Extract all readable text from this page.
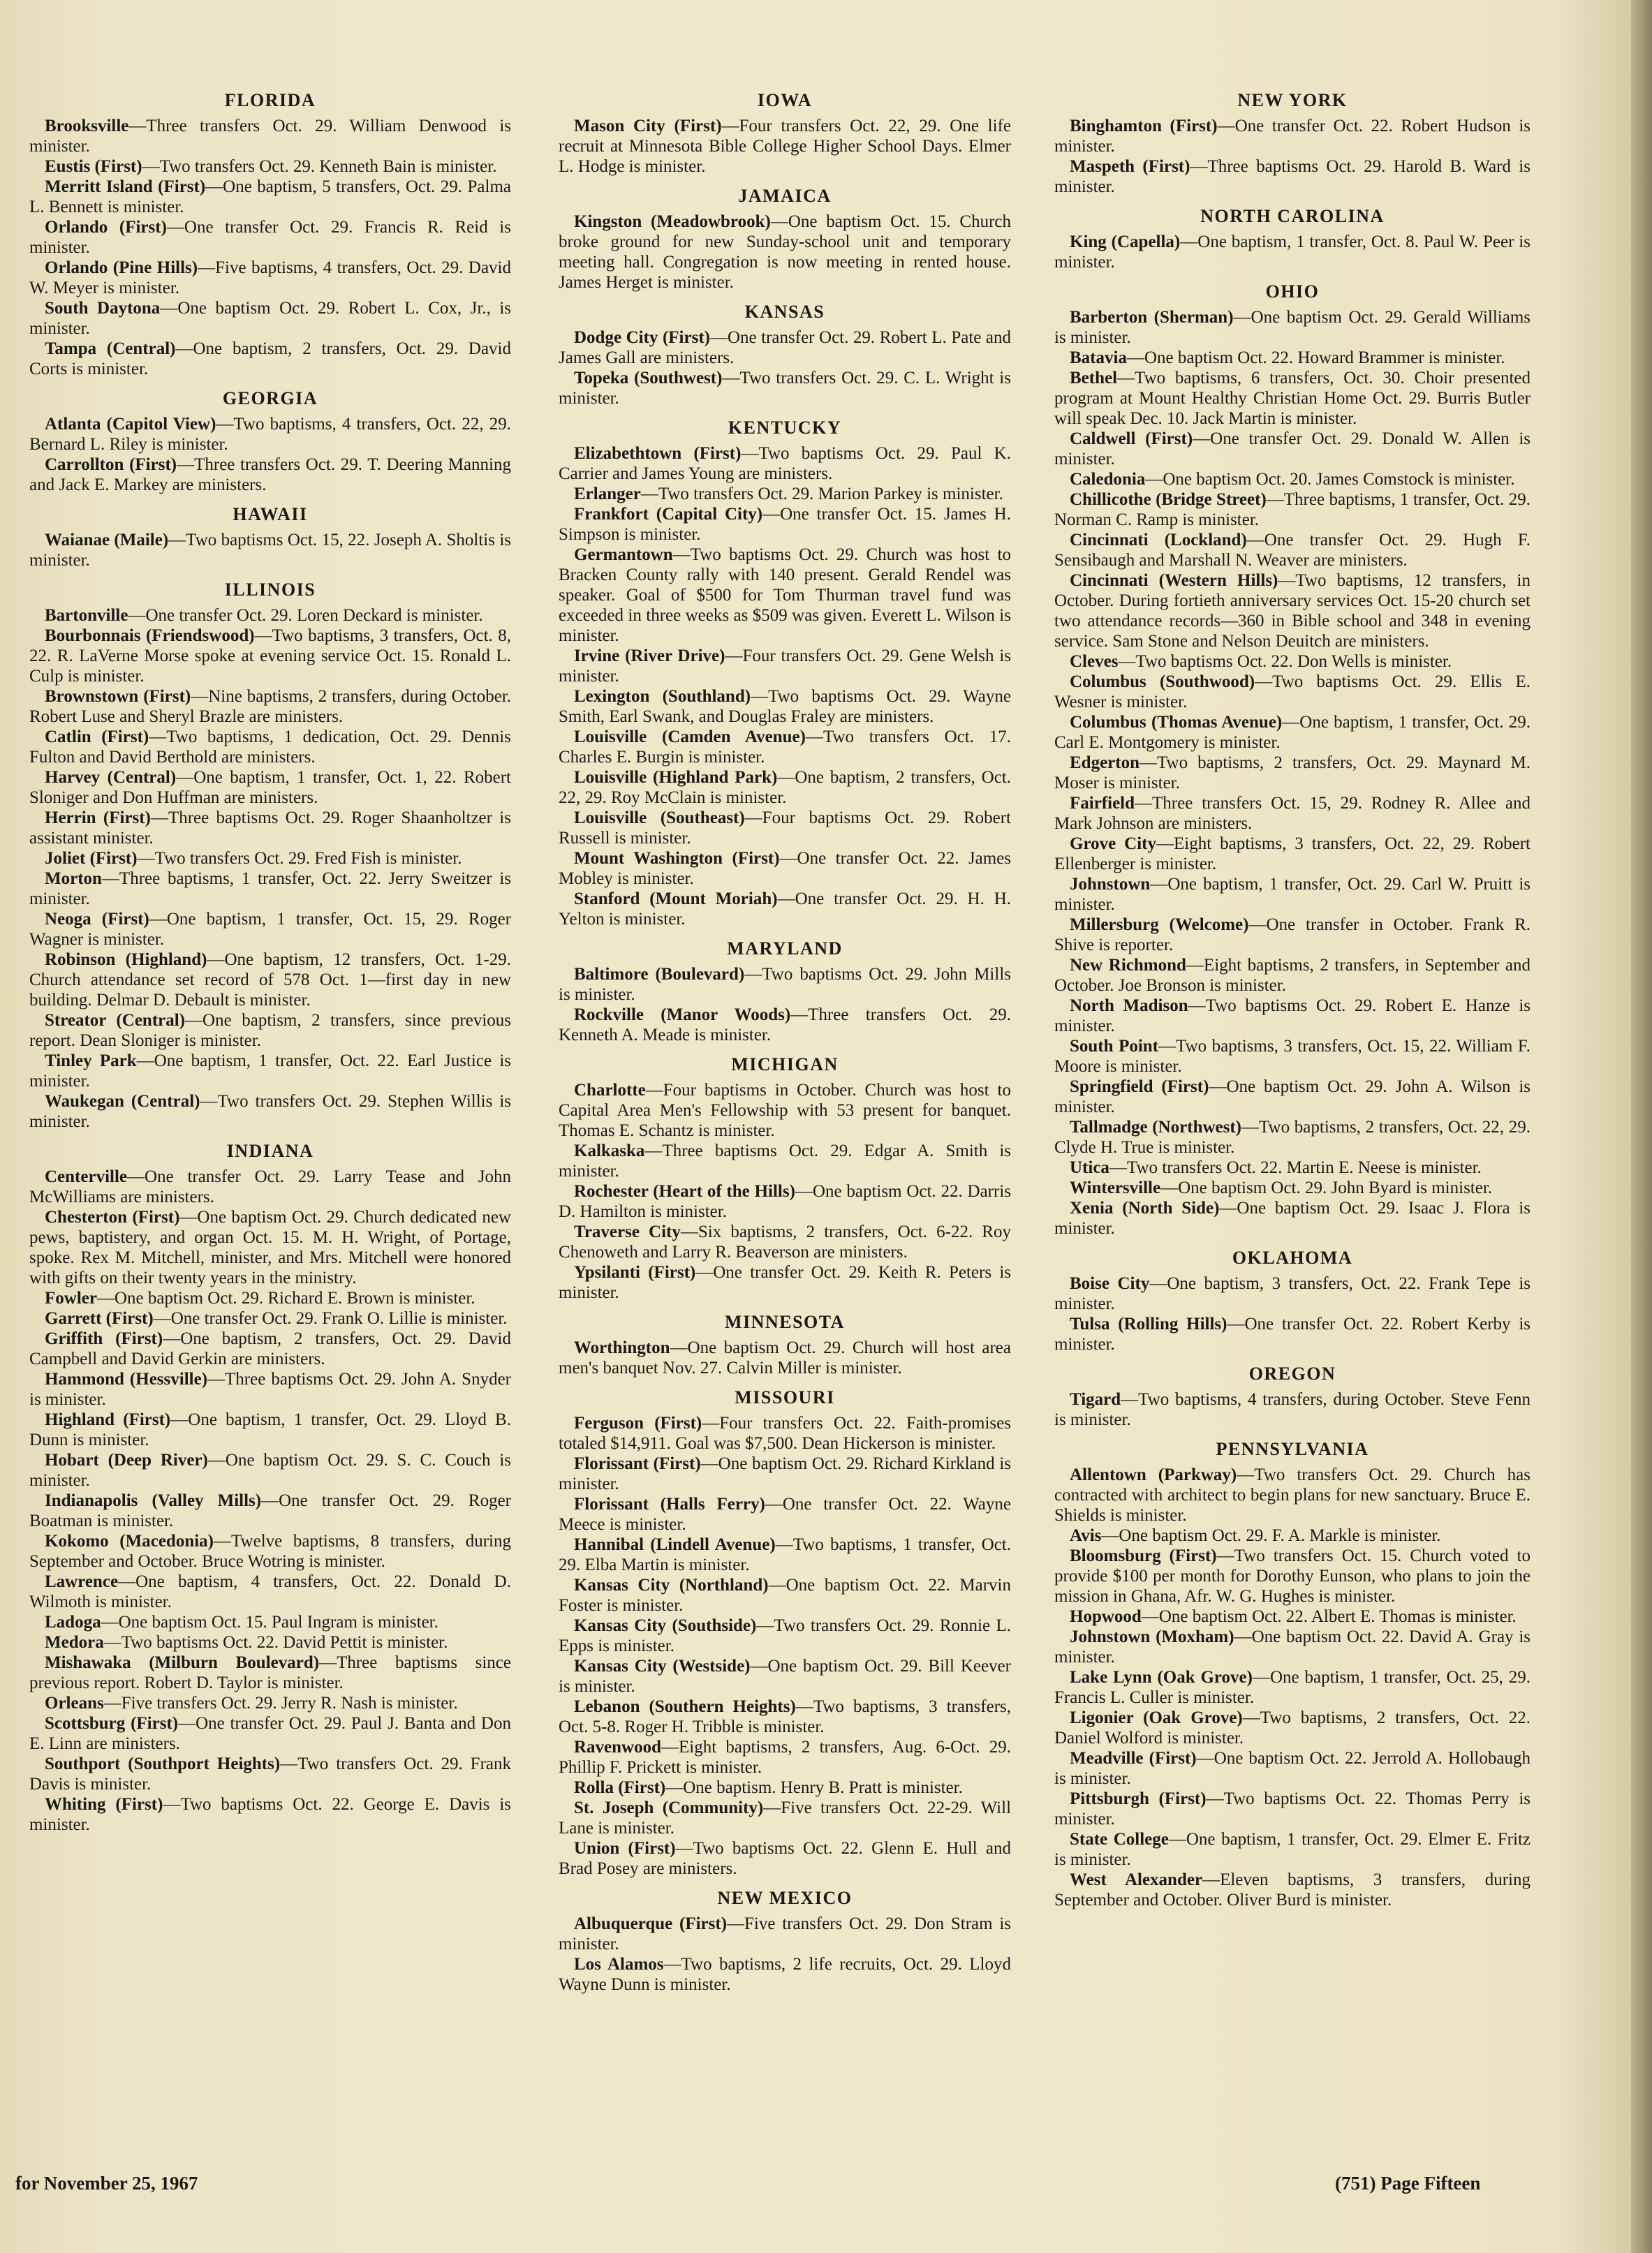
FLORIDA

Brooksville—Three transfers Oct. 29. William Denwood is minister.

Eustis (First)—Two transfers Oct. 29. Kenneth Bain is minister.

Merritt Island (First)—One baptism, 5 transfers, Oct. 29. Palma L. Bennett is minister.

Orlando (First)—One transfer Oct. 29. Francis R. Reid is minister.

Orlando (Pine Hills)—Five baptisms, 4 transfers, Oct. 29. David W. Meyer is minister.

South Daytona—One baptism Oct. 29. Robert L. Cox, Jr., is minister.

Tampa (Central)—One baptism, 2 transfers, Oct. 29. David Corts is minister.

GEORGIA

Atlanta (Capitol View)—Two baptisms, 4 transfers, Oct. 22, 29. Bernard L. Riley is minister.

Carrollton (First)—Three transfers Oct. 29. T. Deering Manning and Jack E. Markey are ministers.

HAWAII

Waianae (Maile)—Two baptisms Oct. 15, 22. Joseph A. Sholtis is minister.

ILLINOIS

Bartonville—One transfer Oct. 29. Loren Deckard is minister.

Bourbonnais (Friendswood)—Two baptisms, 3 transfers, Oct. 8, 22. R. LaVerne Morse spoke at evening service Oct. 15. Ronald L. Culp is minister.

Brownstown (First)—Nine baptisms, 2 transfers, during October. Robert Luse and Sheryl Brazle are ministers.

Catlin (First)—Two baptisms, 1 dedication, Oct. 29. Dennis Fulton and David Berthold are ministers.

Harvey (Central)—One baptism, 1 transfer, Oct. 1, 22. Robert Sloniger and Don Huffman are ministers.

Herrin (First)—Three baptisms Oct. 29. Roger Shaanholtzer is assistant minister.

Joliet (First)—Two transfers Oct. 29. Fred Fish is minister.

Morton—Three baptisms, 1 transfer, Oct. 22. Jerry Sweitzer is minister.

Neoga (First)—One baptism, 1 transfer, Oct. 15, 29. Roger Wagner is minister.

Robinson (Highland)—One baptism, 12 transfers, Oct. 1-29. Church attendance set record of 578 Oct. 1—first day in new building. Delmar D. Debault is minister.

Streator (Central)—One baptism, 2 transfers, since previous report. Dean Sloniger is minister.

Tinley Park—One baptism, 1 transfer, Oct. 22. Earl Justice is minister.

Waukegan (Central)—Two transfers Oct. 29. Stephen Willis is minister.

INDIANA

Centerville—One transfer Oct. 29. Larry Tease and John McWilliams are ministers.

Chesterton (First)—One baptism Oct. 29. Church dedicated new pews, baptistery, and organ Oct. 15. M. H. Wright, of Portage, spoke. Rex M. Mitchell, minister, and Mrs. Mitchell were honored with gifts on their twenty years in the ministry.

Fowler—One baptism Oct. 29. Richard E. Brown is minister.

Garrett (First)—One transfer Oct. 29. Frank O. Lillie is minister.

Griffith (First)—One baptism, 2 transfers, Oct. 29. David Campbell and David Gerkin are ministers.

Hammond (Hessville)—Three baptisms Oct. 29. John A. Snyder is minister.

Highland (First)—One baptism, 1 transfer, Oct. 29. Lloyd B. Dunn is minister.

Hobart (Deep River)—One baptism Oct. 29. S. C. Couch is minister.

Indianapolis (Valley Mills)—One transfer Oct. 29. Roger Boatman is minister.

Kokomo (Macedonia)—Twelve baptisms, 8 transfers, during September and October. Bruce Wotring is minister.

Lawrence—One baptism, 4 transfers, Oct. 22. Donald D. Wilmoth is minister.

Ladoga—One baptism Oct. 15. Paul Ingram is minister.

Medora—Two baptisms Oct. 22. David Pettit is minister.

Mishawaka (Milburn Boulevard)—Three baptisms since previous report. Robert D. Taylor is minister.

Orleans—Five transfers Oct. 29. Jerry R. Nash is minister.

Scottsburg (First)—One transfer Oct. 29. Paul J. Banta and Don E. Linn are ministers.

Southport (Southport Heights)—Two transfers Oct. 29. Frank Davis is minister.

Whiting (First)—Two baptisms Oct. 22. George E. Davis is minister.

IOWA

Mason City (First)—Four transfers Oct. 22, 29. One life recruit at Minnesota Bible College Higher School Days. Elmer L. Hodge is minister.

JAMAICA

Kingston (Meadowbrook)—One baptism Oct. 15. Church broke ground for new Sunday-school unit and temporary meeting hall. Congregation is now meeting in rented house. James Herget is minister.

KANSAS

Dodge City (First)—One transfer Oct. 29. Robert L. Pate and James Gall are ministers.

Topeka (Southwest)—Two transfers Oct. 29. C. L. Wright is minister.

KENTUCKY

Elizabethtown (First)—Two baptisms Oct. 29. Paul K. Carrier and James Young are ministers.

Erlanger—Two transfers Oct. 29. Marion Parkey is minister.

Frankfort (Capital City)—One transfer Oct. 15. James H. Simpson is minister.

Germantown—Two baptisms Oct. 29. Church was host to Bracken County rally with 140 present. Gerald Rendel was speaker. Goal of $500 for Tom Thurman travel fund was exceeded in three weeks as $509 was given. Everett L. Wilson is minister.

Irvine (River Drive)—Four transfers Oct. 29. Gene Welsh is minister.

Lexington (Southland)—Two baptisms Oct. 29. Wayne Smith, Earl Swank, and Douglas Fraley are ministers.

Louisville (Camden Avenue)—Two transfers Oct. 17. Charles E. Burgin is minister.

Louisville (Highland Park)—One baptism, 2 transfers, Oct. 22, 29. Roy McClain is minister.

Louisville (Southeast)—Four baptisms Oct. 29. Robert Russell is minister.

Mount Washington (First)—One transfer Oct. 22. James Mobley is minister.

Stanford (Mount Moriah)—One transfer Oct. 29. H. H. Yelton is minister.

MARYLAND

Baltimore (Boulevard)—Two baptisms Oct. 29. John Mills is minister.

Rockville (Manor Woods)—Three transfers Oct. 29. Kenneth A. Meade is minister.

MICHIGAN

Charlotte—Four baptisms in October. Church was host to Capital Area Men's Fellowship with 53 present for banquet. Thomas E. Schantz is minister.

Kalkaska—Three baptisms Oct. 29. Edgar A. Smith is minister.

Rochester (Heart of the Hills)—One baptism Oct. 22. Darris D. Hamilton is minister.

Traverse City—Six baptisms, 2 transfers, Oct. 6-22. Roy Chenoweth and Larry R. Beaverson are ministers.

Ypsilanti (First)—One transfer Oct. 29. Keith R. Peters is minister.

MINNESOTA

Worthington—One baptism Oct. 29. Church will host area men's banquet Nov. 27. Calvin Miller is minister.

MISSOURI

Ferguson (First)—Four transfers Oct. 22. Faith-promises totaled $14,911. Goal was $7,500. Dean Hickerson is minister.

Florissant (First)—One baptism Oct. 29. Richard Kirkland is minister.

Florissant (Halls Ferry)—One transfer Oct. 22. Wayne Meece is minister.

Hannibal (Lindell Avenue)—Two baptisms, 1 transfer, Oct. 29. Elba Martin is minister.

Kansas City (Northland)—One baptism Oct. 22. Marvin Foster is minister.

Kansas City (Southside)—Two transfers Oct. 29. Ronnie L. Epps is minister.

Kansas City (Westside)—One baptism Oct. 29. Bill Keever is minister.

Lebanon (Southern Heights)—Two baptisms, 3 transfers, Oct. 5-8. Roger H. Tribble is minister.

Ravenwood—Eight baptisms, 2 transfers, Aug. 6-Oct. 29. Phillip F. Prickett is minister.

Rolla (First)—One baptism. Henry B. Pratt is minister.

St. Joseph (Community)—Five transfers Oct. 22-29. Will Lane is minister.

Union (First)—Two baptisms Oct. 22. Glenn E. Hull and Brad Posey are ministers.

NEW MEXICO

Albuquerque (First)—Five transfers Oct. 29. Don Stram is minister.

Los Alamos—Two baptisms, 2 life recruits, Oct. 29. Lloyd Wayne Dunn is minister.

NEW YORK

Binghamton (First)—One transfer Oct. 22. Robert Hudson is minister.

Maspeth (First)—Three baptisms Oct. 29. Harold B. Ward is minister.

NORTH CAROLINA

King (Capella)—One baptism, 1 transfer, Oct. 8. Paul W. Peer is minister.

OHIO

Barberton (Sherman)—One baptism Oct. 29. Gerald Williams is minister.

Batavia—One baptism Oct. 22. Howard Brammer is minister.

Bethel—Two baptisms, 6 transfers, Oct. 30. Choir presented program at Mount Healthy Christian Home Oct. 29. Burris Butler will speak Dec. 10. Jack Martin is minister.

Caldwell (First)—One transfer Oct. 29. Donald W. Allen is minister.

Caledonia—One baptism Oct. 20. James Comstock is minister.

Chillicothe (Bridge Street)—Three baptisms, 1 transfer, Oct. 29. Norman C. Ramp is minister.

Cincinnati (Lockland)—One transfer Oct. 29. Hugh F. Sensibaugh and Marshall N. Weaver are ministers.

Cincinnati (Western Hills)—Two baptisms, 12 transfers, in October. During fortieth anniversary services Oct. 15-20 church set two attendance records—360 in Bible school and 348 in evening service. Sam Stone and Nelson Deuitch are ministers.

Cleves—Two baptisms Oct. 22. Don Wells is minister.

Columbus (Southwood)—Two baptisms Oct. 29. Ellis E. Wesner is minister.

Columbus (Thomas Avenue)—One baptism, 1 transfer, Oct. 29. Carl E. Montgomery is minister.

Edgerton—Two baptisms, 2 transfers, Oct. 29. Maynard M. Moser is minister.

Fairfield—Three transfers Oct. 15, 29. Rodney R. Allee and Mark Johnson are ministers.

Grove City—Eight baptisms, 3 transfers, Oct. 22, 29. Robert Ellenberger is minister.

Johnstown—One baptism, 1 transfer, Oct. 29. Carl W. Pruitt is minister.

Millersburg (Welcome)—One transfer in October. Frank R. Shive is reporter.

New Richmond—Eight baptisms, 2 transfers, in September and October. Joe Bronson is minister.

North Madison—Two baptisms Oct. 29. Robert E. Hanze is minister.

South Point—Two baptisms, 3 transfers, Oct. 15, 22. William F. Moore is minister.

Springfield (First)—One baptism Oct. 29. John A. Wilson is minister.

Tallmadge (Northwest)—Two baptisms, 2 transfers, Oct. 22, 29. Clyde H. True is minister.

Utica—Two transfers Oct. 22. Martin E. Neese is minister.

Wintersville—One baptism Oct. 29. John Byard is minister.

Xenia (North Side)—One baptism Oct. 29. Isaac J. Flora is minister.

OKLAHOMA

Boise City—One baptism, 3 transfers, Oct. 22. Frank Tepe is minister.

Tulsa (Rolling Hills)—One transfer Oct. 22. Robert Kerby is minister.

OREGON

Tigard—Two baptisms, 4 transfers, during October. Steve Fenn is minister.

PENNSYLVANIA

Allentown (Parkway)—Two transfers Oct. 29. Church has contracted with architect to begin plans for new sanctuary. Bruce E. Shields is minister.

Avis—One baptism Oct. 29. F. A. Markle is minister.

Bloomsburg (First)—Two transfers Oct. 15. Church voted to provide $100 per month for Dorothy Eunson, who plans to join the mission in Ghana, Afr. W. G. Hughes is minister.

Hopwood—One baptism Oct. 22. Albert E. Thomas is minister.

Johnstown (Moxham)—One baptism Oct. 22. David A. Gray is minister.

Lake Lynn (Oak Grove)—One baptism, 1 transfer, Oct. 25, 29. Francis L. Culler is minister.

Ligonier (Oak Grove)—Two baptisms, 2 transfers, Oct. 22. Daniel Wolford is minister.

Meadville (First)—One baptism Oct. 22. Jerrold A. Hollobaugh is minister.

Pittsburgh (First)—Two baptisms Oct. 22. Thomas Perry is minister.

State College—One baptism, 1 transfer, Oct. 29. Elmer E. Fritz is minister.

West Alexander—Eleven baptisms, 3 transfers, during September and October. Oliver Burd is minister.

for November 25, 1967	(751) Page Fifteen
